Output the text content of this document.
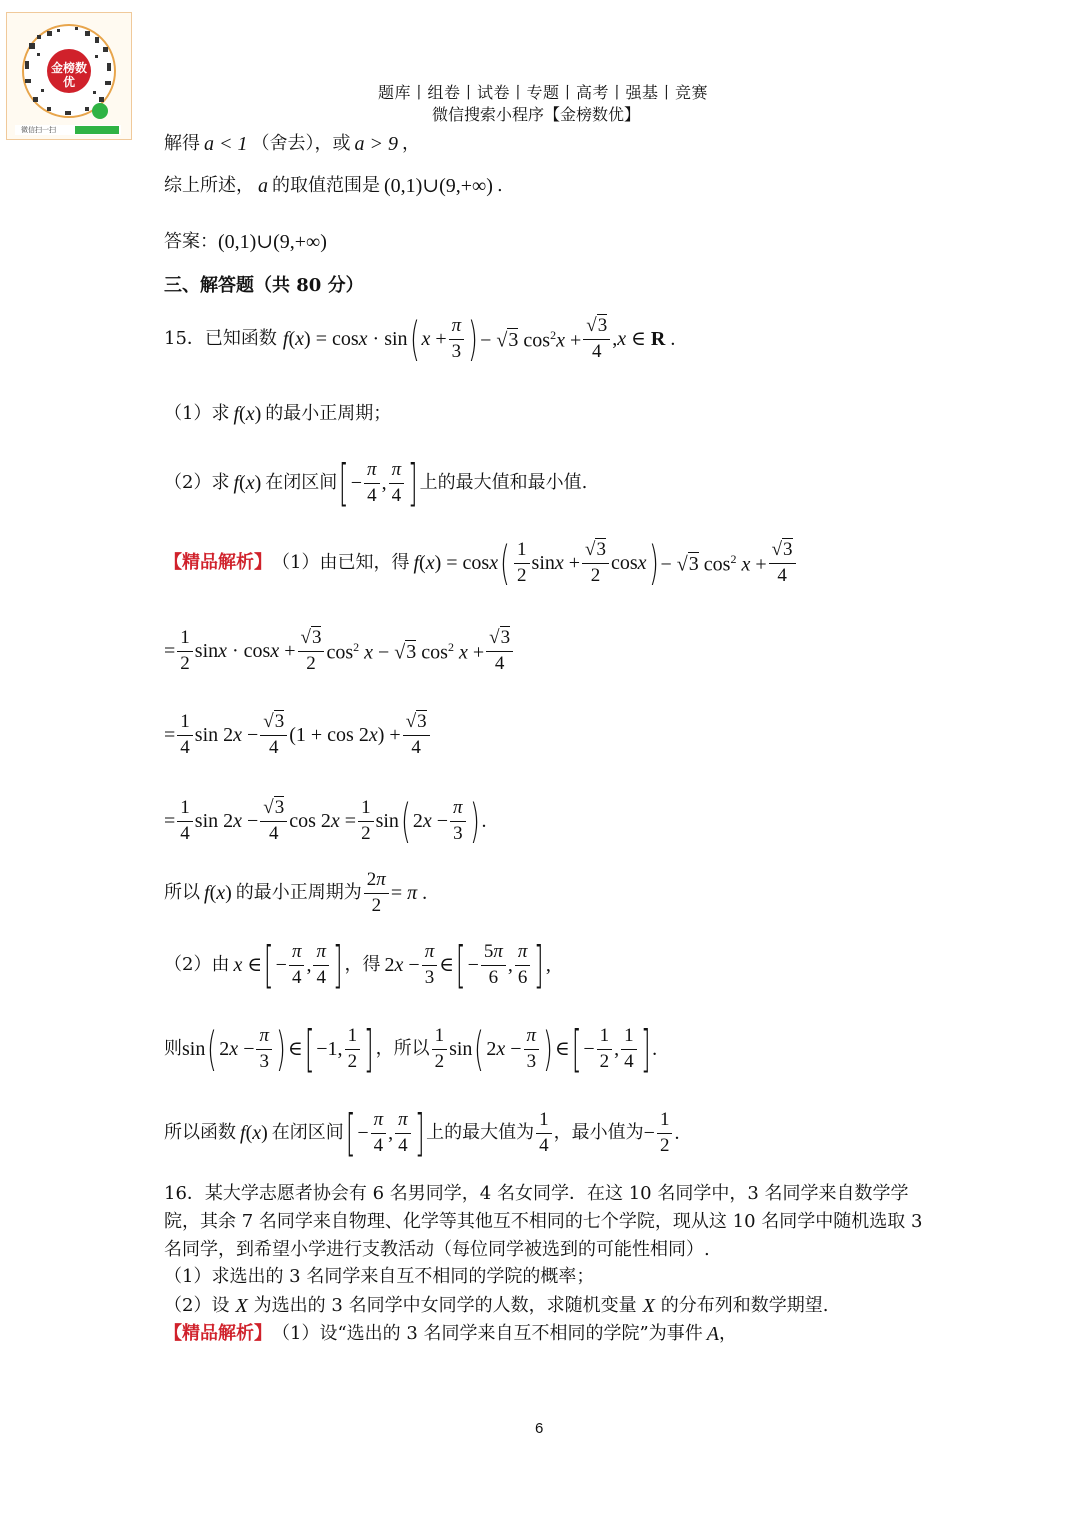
金榜数优
微信扫一扫
题库丨组卷丨试卷丨专题丨高考丨强基丨竞赛
微信搜索小程序【金榜数优】
解得 a < 1 （舍去），或 a > 9 ，
综上所述， a 的取值范围是 (0,1)∪(9,+∞) .
答案： (0,1)∪(9,+∞)
三、解答题（共 80 分）
15．已知函数 f(x) = cosx · sin ( $x + \frac{\pi}{3}$ ) − √3 $\cos^2x + \frac{√3}{4} ,x$ ∈ R .
（1）求 f(x) 的最小正周期；
（2）求 f(x) 在闭区间 [ − $\frac{\pi}{4}$ , $\frac{\pi}{4}$ ] 上的最大值和最小值.
【精品解析】 （1）由已知，得 f(x) = cosx ( $\frac{1}{2}$ $\sin x + \frac{√3}{2}$ cosx ) − √3 $\cos^2 x + \frac{√3}{4}$
= $\frac{1}{2}$ $\sin x \cdot \cos x + \frac{√3}{2} \cos^2 x - √3$ $\cos^2 x + \frac{√3}{4}$
= $\frac{1}{4}$ $\sin 2x - \frac{√3}{4} (1 + \cos 2x) + \frac{√3}{4}$
= $\frac{1}{4}$ $\sin 2x - \frac{√3}{4}$ $\cos 2x = \frac{1}{2}$ sin ( $2x - \frac{\pi}{3}$ ) .
所以 f(x) 的最小正周期为 $\frac{2\pi}{2} = \pi$ .
（2）由 x ∈ [ − $\frac{\pi}{4}$ , $\frac{\pi}{4}$ ] ，得 $2x - \frac{\pi}{3}$ ∈ [ − $\frac{5\pi}{6}$ , $\frac{\pi}{6}$ ] ,
则 sin ( $2x - \frac{\pi}{3}$ ) ∈ [ −1, $\frac{1}{2}$ ] ，所以 $\frac{1}{2}$ sin ( $2x - \frac{\pi}{3}$ ) ∈ [ − $\frac{1}{2}$ , $\frac{1}{4}$ ] .
所以函数 f(x) 在闭区间 [ − $\frac{\pi}{4}$ , $\frac{\pi}{4}$ ] 上的最大值为 $\frac{1}{4}$ ，最小值为 − $\frac{1}{2}$ .
16．某大学志愿者协会有 6 名男同学，4 名女同学．在这 10 名同学中，3 名同学来自数学学院，其余 7 名同学来自物理、化学等其他互不相同的七个学院，现从这 10 名同学中随机选取 3 名同学，到希望小学进行支教活动（每位同学被选到的可能性相同）.
（1）求选出的 3 名同学来自互不相同的学院的概率；
（2）设 X 为选出的 3 名同学中女同学的人数，求随机变量 X 的分布列和数学期望.
【精品解析】 （1）设“选出的 3 名同学来自互不相同的学院”为事件 A ，
6
